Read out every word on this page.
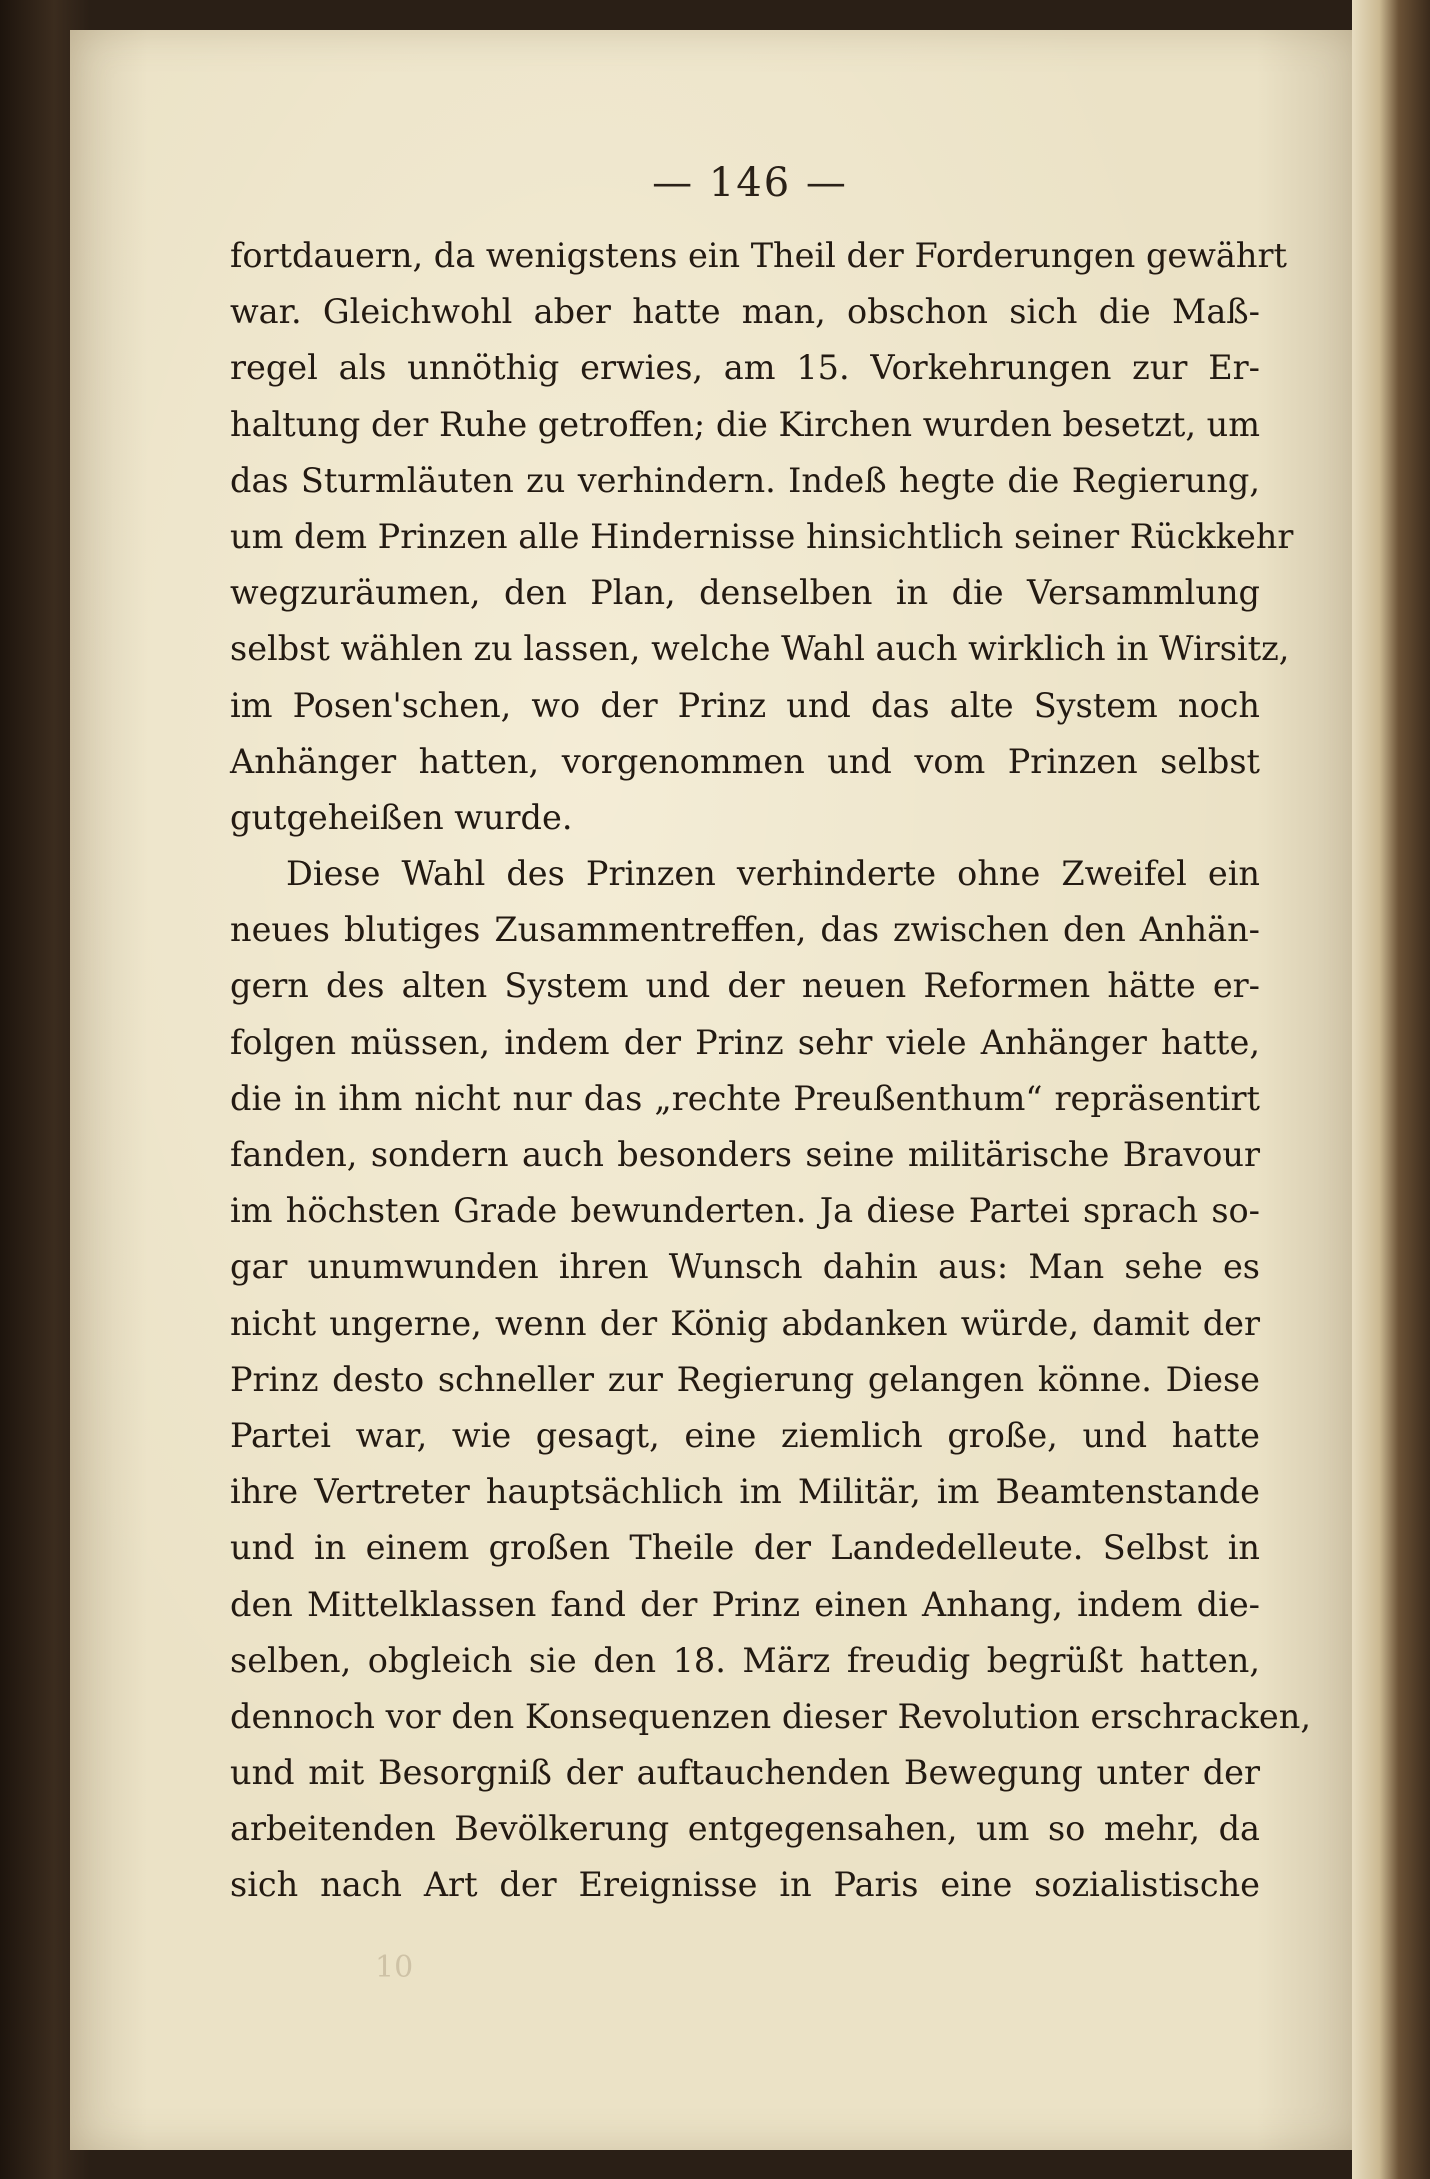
— 146 —
fortdauern, da wenigstens ein Theil der Forderungen gewährt
war. Gleichwohl aber hatte man, obschon sich die Maß-
regel als unnöthig erwies, am 15. Vorkehrungen zur Er-
haltung der Ruhe getroffen; die Kirchen wurden besetzt, um
das Sturmläuten zu verhindern. Indeß hegte die Regierung,
um dem Prinzen alle Hindernisse hinsichtlich seiner Rückkehr
wegzuräumen, den Plan, denselben in die Versammlung
selbst wählen zu lassen, welche Wahl auch wirklich in Wirsitz,
im Posen'schen, wo der Prinz und das alte System noch
Anhänger hatten, vorgenommen und vom Prinzen selbst
gutgeheißen wurde.
Diese Wahl des Prinzen verhinderte ohne Zweifel ein
neues blutiges Zusammentreffen, das zwischen den Anhän-
gern des alten System und der neuen Reformen hätte er-
folgen müssen, indem der Prinz sehr viele Anhänger hatte,
die in ihm nicht nur das „rechte Preußenthum“ repräsentirt
fanden, sondern auch besonders seine militärische Bravour
im höchsten Grade bewunderten. Ja diese Partei sprach so-
gar unumwunden ihren Wunsch dahin aus: Man sehe es
nicht ungerne, wenn der König abdanken würde, damit der
Prinz desto schneller zur Regierung gelangen könne. Diese
Partei war, wie gesagt, eine ziemlich große, und hatte
ihre Vertreter hauptsächlich im Militär, im Beamtenstande
und in einem großen Theile der Landedelleute. Selbst in
den Mittelklassen fand der Prinz einen Anhang, indem die-
selben, obgleich sie den 18. März freudig begrüßt hatten,
dennoch vor den Konsequenzen dieser Revolution erschracken,
und mit Besorgniß der auftauchenden Bewegung unter der
arbeitenden Bevölkerung entgegensahen, um so mehr, da
sich nach Art der Ereignisse in Paris eine sozialistische
10
